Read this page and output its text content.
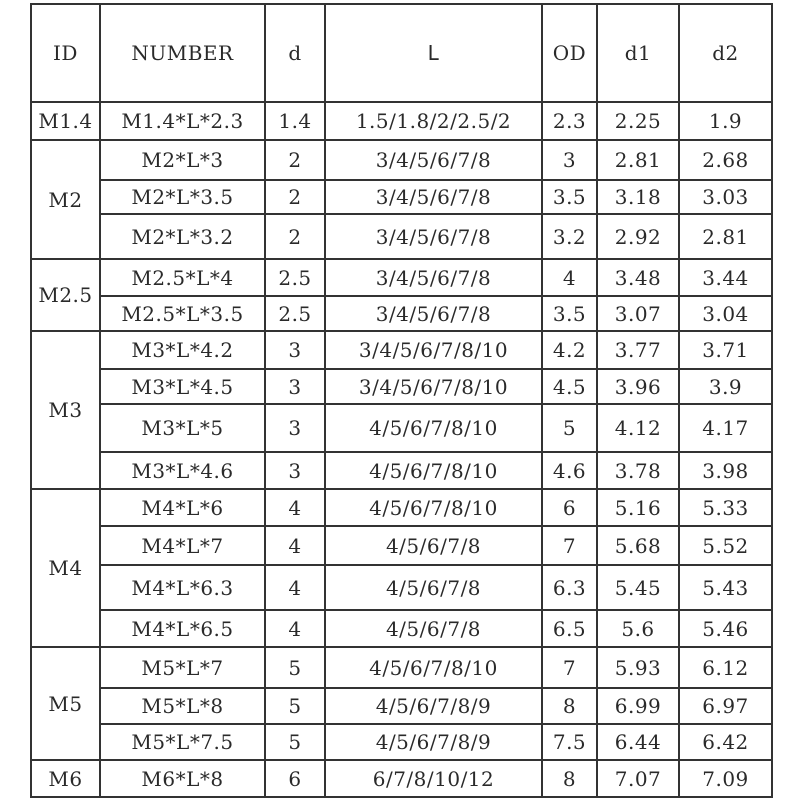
ID	NUMBER	d	L	OD	d1	d2
M1.4	M1.4*L*2.3	1.4	1.5/1.8/2/2.5/2	2.3	2.25	1.9
M2	M2*L*3	2	3/4/5/6/7/8	3	2.81	2.68
	M2*L*3.5	2	3/4/5/6/7/8	3.5	3.18	3.03
	M2*L*3.2	2	3/4/5/6/7/8	3.2	2.92	2.81
M2.5	M2.5*L*4	2.5	3/4/5/6/7/8	4	3.48	3.44
	M2.5*L*3.5	2.5	3/4/5/6/7/8	3.5	3.07	3.04
M3	M3*L*4.2	3	3/4/5/6/7/8/10	4.2	3.77	3.71
	M3*L*4.5	3	3/4/5/6/7/8/10	4.5	3.96	3.9
	M3*L*5	3	4/5/6/7/8/10	5	4.12	4.17
	M3*L*4.6	3	4/5/6/7/8/10	4.6	3.78	3.98
M4	M4*L*6	4	4/5/6/7/8/10	6	5.16	5.33
	M4*L*7	4	4/5/6/7/8	7	5.68	5.52
	M4*L*6.3	4	4/5/6/7/8	6.3	5.45	5.43
	M4*L*6.5	4	4/5/6/7/8	6.5	5.6	5.46
M5	M5*L*7	5	4/5/6/7/8/10	7	5.93	6.12
	M5*L*8	5	4/5/6/7/8/9	8	6.99	6.97
	M5*L*7.5	5	4/5/6/7/8/9	7.5	6.44	6.42
M6	M6*L*8	6	6/7/8/10/12	8	7.07	7.09
